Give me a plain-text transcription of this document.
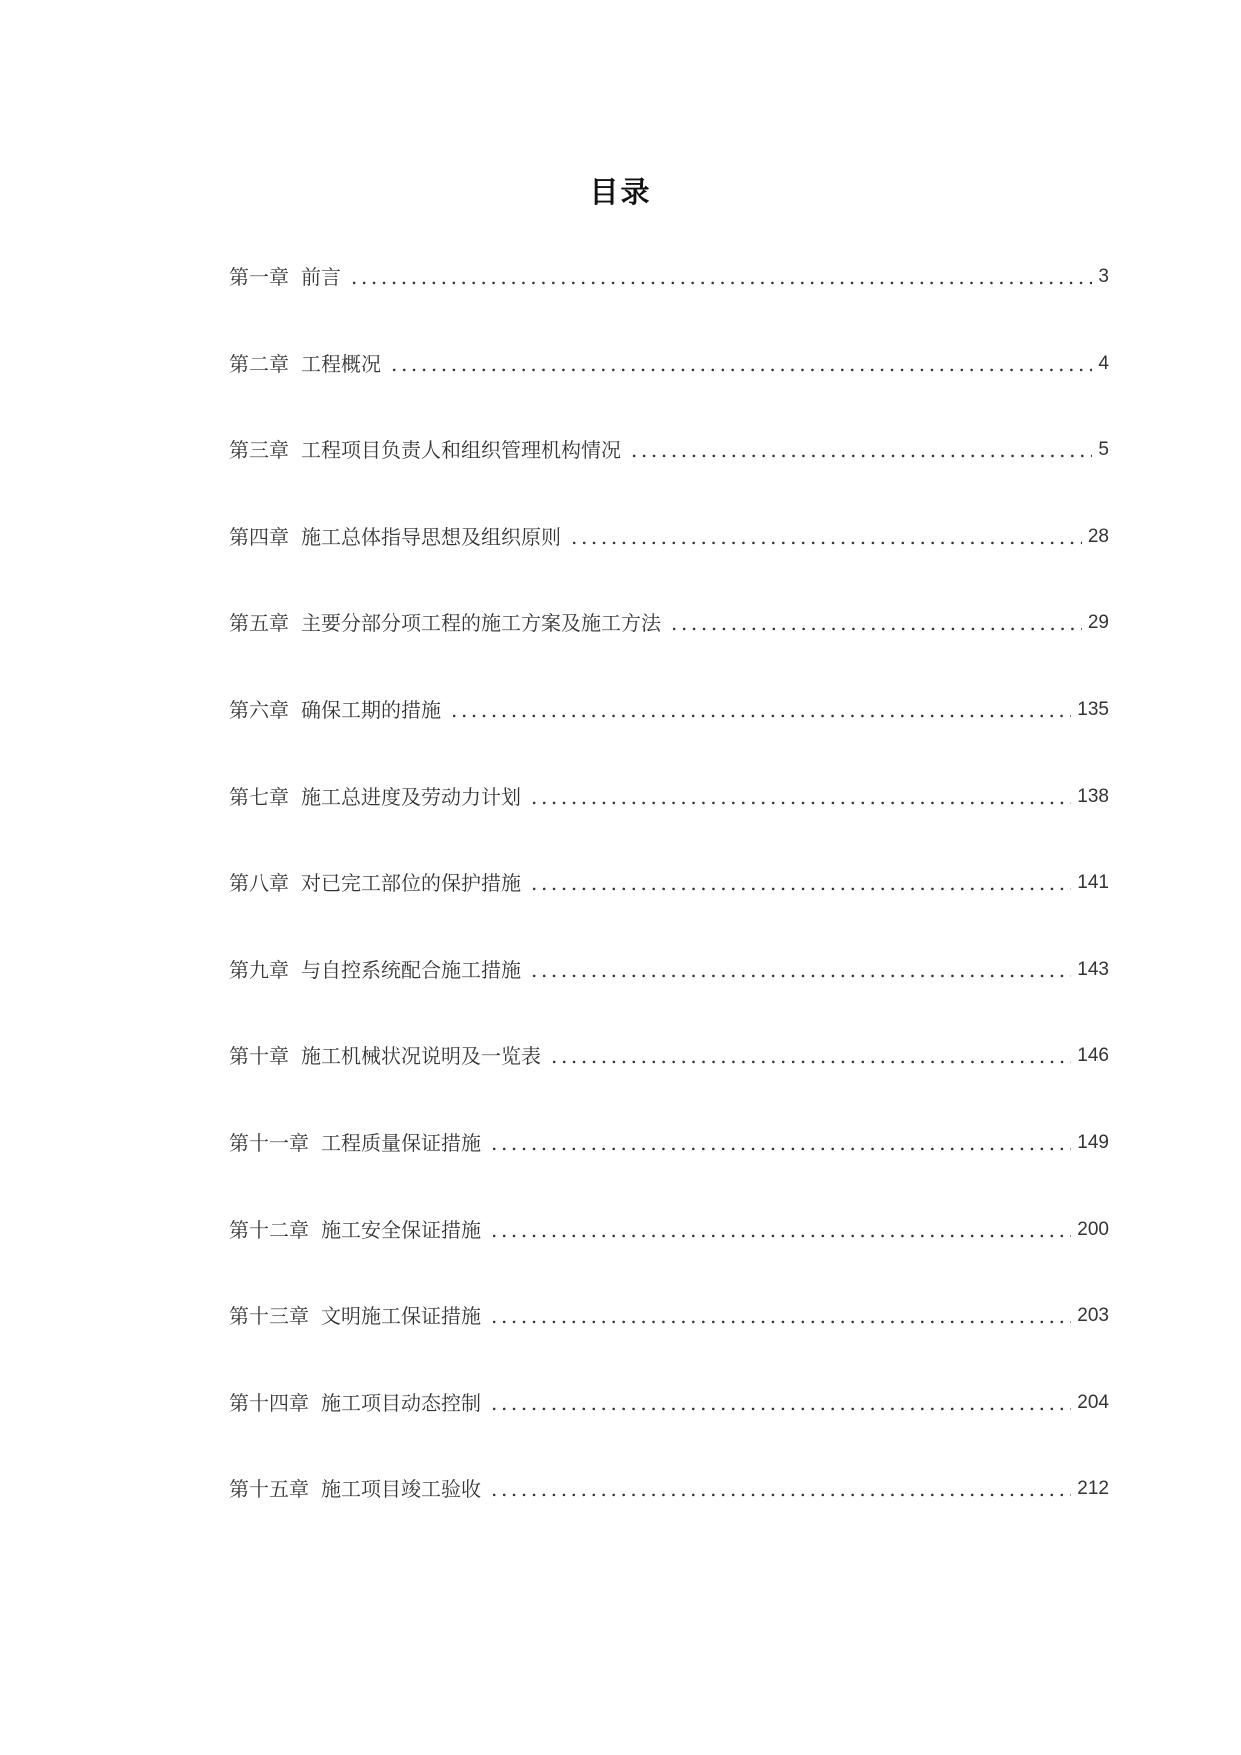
目录
第一章 前言 .....	3
第二章 工程概况 .....	4
第三章 工程项目负责人和组织管理机构情况 .....	5
第四章 施工总体指导思想及组织原则 .....	28
第五章 主要分部分项工程的施工方案及施工方法 .....	29
第六章 确保工期的措施 .....	135
第七章 施工总进度及劳动力计划 .....	138
第八章 对已完工部位的保护措施 .....	141
第九章 与自控系统配合施工措施 .....	143
第十章 施工机械状况说明及一览表 .....	146
第十一章 工程质量保证措施 .....	149
第十二章 施工安全保证措施 .....	200
第十三章 文明施工保证措施 .....	203
第十四章 施工项目动态控制 .....	204
第十五章 施工项目竣工验收 .....	212
